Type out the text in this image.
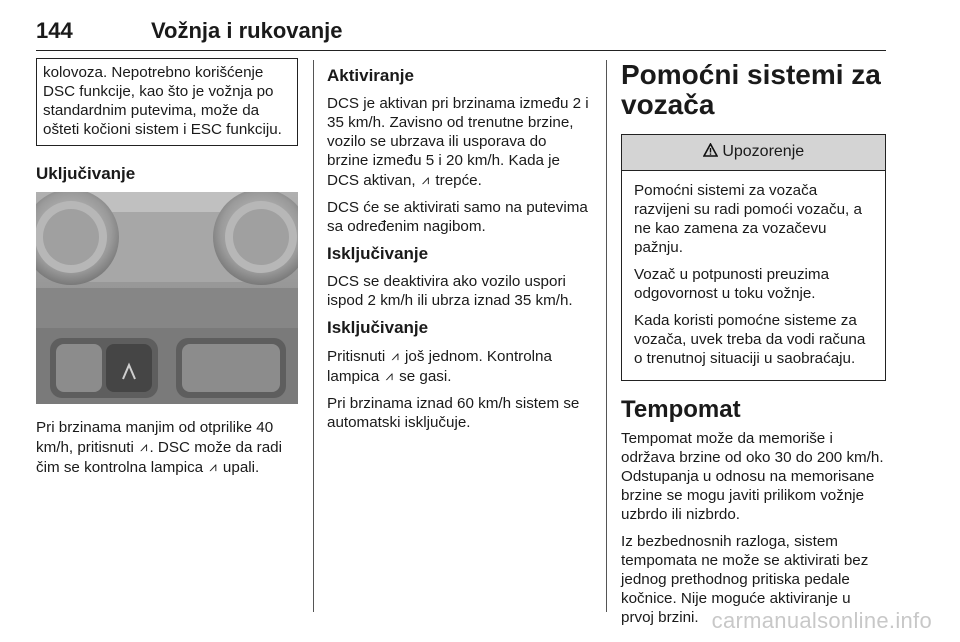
144	Vožnja i rukovanje

kolovoza. Nepotrebno korišćenje DSC funkcije, kao što je vožnja po standardnim putevima, može da ošteti kočioni sistem i ESC funkciju.

Uključivanje

Pri brzinama manjim od otprilike 40 km/h, pritisnuti ⩘ . DSC može da radi čim se kontrolna lampica ⩘ upali.

Aktiviranje

DCS je aktivan pri brzinama između 2 i 35 km/h. Zavisno od trenutne brzine, vozilo se ubrzava ili usporava do brzine između 5 i 20 km/h. Kada je DCS aktivan, ⩘ trepće.

DCS će se aktivirati samo na putevima sa određenim nagibom.

Isključivanje

DCS se deaktivira ako vozilo uspori ispod 2 km/h ili ubrza iznad 35 km/h.

Isključivanje

Pritisnuti ⩘ još jednom. Kontrolna lampica ⩘ se gasi.

Pri brzinama iznad 60 km/h sistem se automatski isključuje.

Pomoćni sistemi za vozača
Upozorenje

Pomoćni sistemi za vozača razvijeni su radi pomoći vozaču, a ne kao zamena za vozačevu pažnju.

Vozač u potpunosti preuzima odgovornost u toku vožnje.

Kada koristi pomoćne sisteme za vozača, uvek treba da vodi računa o trenutnoj situaciji u saobraćaju.

Tempomat

Tempomat može da memoriše i održava brzine od oko 30 do 200 km/h. Odstupanja u odnosu na memorisane brzine se mogu javiti prilikom vožnje uzbrdo ili nizbrdo.

Iz bezbednosnih razloga, sistem tempomata ne može se aktivirati bez jednog prethodnog pritiska pedale kočnice. Nije moguće aktiviranje u prvoj brzini. carmanualsonline.info
